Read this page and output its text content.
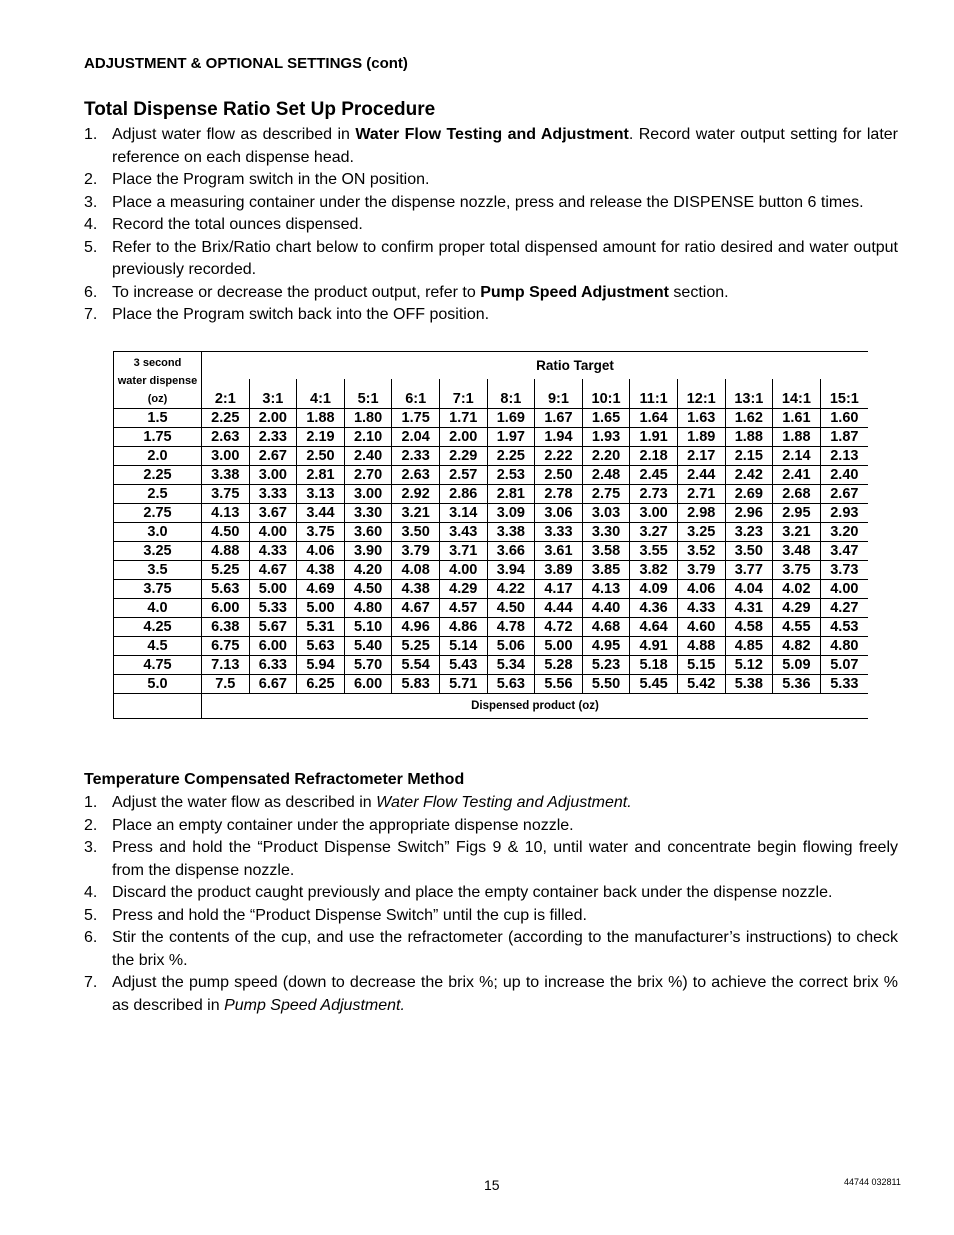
ADJUSTMENT & OPTIONAL SETTINGS (cont)
Total Dispense Ratio Set Up Procedure
1. Adjust water flow as described in Water Flow Testing and Adjustment. Record water output setting for later reference on each dispense head.
2. Place the Program switch in the ON position.
3. Place a measuring container under the dispense nozzle, press and release the DISPENSE button 6 times.
4. Record the total ounces dispensed.
5. Refer to the Brix/Ratio chart below to confirm proper total dispensed amount for ratio desired and water output previously recorded.
6. To increase or decrease the product output, refer to Pump Speed Adjustment section.
7. Place the Program switch back into the OFF position.
3 second
water dispense
(oz)	Ratio Target													
	2:1	3:1	4:1	5:1	6:1	7:1	8:1	9:1	10:1	11:1	12:1	13:1	14:1	15:1
1.5	2.25	2.00	1.88	1.80	1.75	1.71	1.69	1.67	1.65	1.64	1.63	1.62	1.61	1.60
1.75	2.63	2.33	2.19	2.10	2.04	2.00	1.97	1.94	1.93	1.91	1.89	1.88	1.88	1.87
2.0	3.00	2.67	2.50	2.40	2.33	2.29	2.25	2.22	2.20	2.18	2.17	2.15	2.14	2.13
2.25	3.38	3.00	2.81	2.70	2.63	2.57	2.53	2.50	2.48	2.45	2.44	2.42	2.41	2.40
2.5	3.75	3.33	3.13	3.00	2.92	2.86	2.81	2.78	2.75	2.73	2.71	2.69	2.68	2.67
2.75	4.13	3.67	3.44	3.30	3.21	3.14	3.09	3.06	3.03	3.00	2.98	2.96	2.95	2.93
3.0	4.50	4.00	3.75	3.60	3.50	3.43	3.38	3.33	3.30	3.27	3.25	3.23	3.21	3.20
3.25	4.88	4.33	4.06	3.90	3.79	3.71	3.66	3.61	3.58	3.55	3.52	3.50	3.48	3.47
3.5	5.25	4.67	4.38	4.20	4.08	4.00	3.94	3.89	3.85	3.82	3.79	3.77	3.75	3.73
3.75	5.63	5.00	4.69	4.50	4.38	4.29	4.22	4.17	4.13	4.09	4.06	4.04	4.02	4.00
4.0	6.00	5.33	5.00	4.80	4.67	4.57	4.50	4.44	4.40	4.36	4.33	4.31	4.29	4.27
4.25	6.38	5.67	5.31	5.10	4.96	4.86	4.78	4.72	4.68	4.64	4.60	4.58	4.55	4.53
4.5	6.75	6.00	5.63	5.40	5.25	5.14	5.06	5.00	4.95	4.91	4.88	4.85	4.82	4.80
4.75	7.13	6.33	5.94	5.70	5.54	5.43	5.34	5.28	5.23	5.18	5.15	5.12	5.09	5.07
5.0	7.5	6.67	6.25	6.00	5.83	5.71	5.63	5.56	5.50	5.45	5.42	5.38	5.36	5.33
	Dispensed product (oz)													
Temperature Compensated Refractometer Method
1. Adjust the water flow as described in Water Flow Testing and Adjustment.
2. Place an empty container under the appropriate dispense nozzle.
3. Press and hold the “Product Dispense Switch” Figs 9 & 10, until water and concentrate begin flowing freely from the dispense nozzle.
4. Discard the product caught previously and place the empty container back under the dispense nozzle.
5. Press and hold the “Product Dispense Switch” until the cup is filled.
6. Stir the contents of the cup, and use the refractometer (according to the manufacturer’s instructions) to check the brix %.
7. Adjust the pump speed (down to decrease the brix %; up to increase the brix %) to achieve the correct brix % as described in Pump Speed Adjustment.
15	44744 032811
